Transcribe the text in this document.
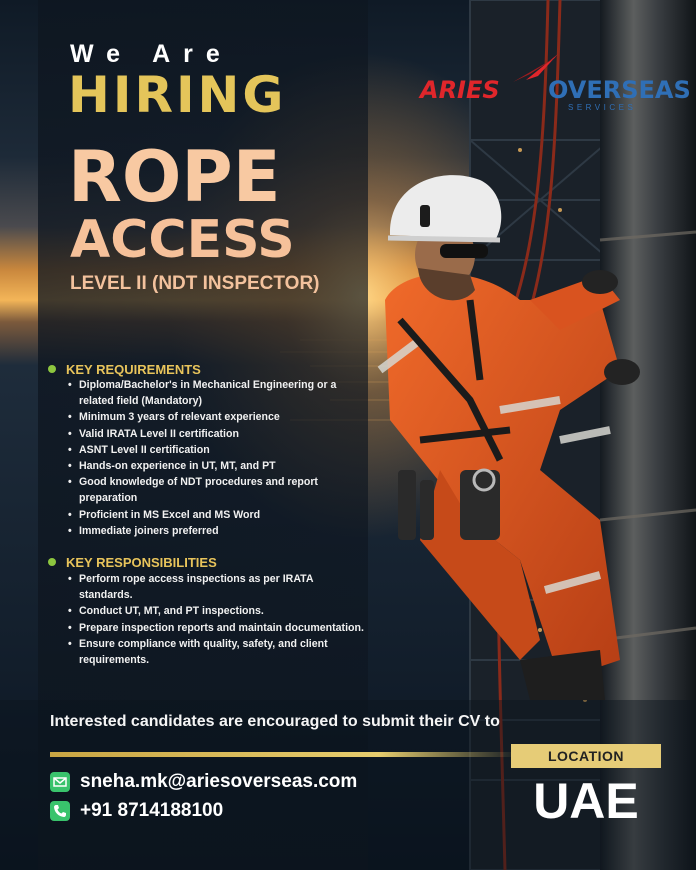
We Are
HIRING	ARIES OVERSEAS
SERVICES
ROPE
ACCESS
LEVEL II (NDT INSPECTOR)
KEY REQUIREMENTS
• Diploma/Bachelor's in Mechanical Engineering or a related field (Mandatory)
• Minimum 3 years of relevant experience
• Valid IRATA Level II certification
• ASNT Level II certification
• Hands-on experience in UT, MT, and PT
• Good knowledge of NDT procedures and report preparation
• Proficient in MS Excel and MS Word
• Immediate joiners preferred
KEY RESPONSIBILITIES
• Perform rope access inspections as per IRATA standards.
• Conduct UT, MT, and PT inspections.
• Prepare inspection reports and maintain documentation.
• Ensure compliance with quality, safety, and client requirements.
Interested candidates are encouraged to submit their CV to
LOCATION
UAE
sneha.mk@ariesoverseas.com
+91 8714188100
